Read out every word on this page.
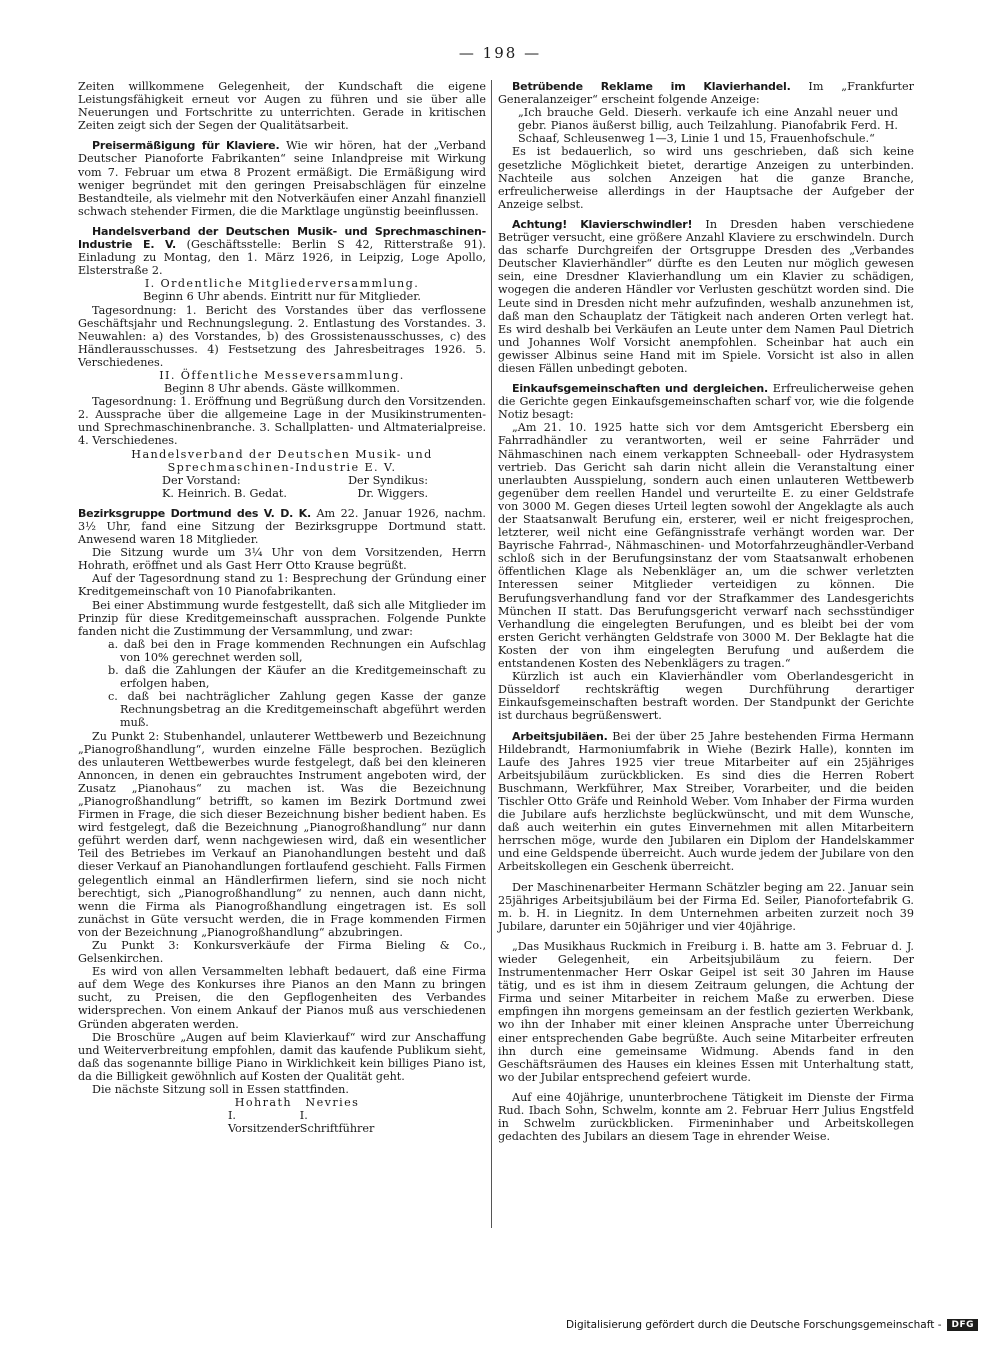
— 198 —

Zeiten willkommene Gelegenheit, der Kundschaft die eigene Leistungsfähigkeit erneut vor Augen zu führen und sie über alle Neuerungen und Fortschritte zu unterrichten. Gerade in kritischen Zeiten zeigt sich der Segen der Qualitätsarbeit.

Preisermäßigung für Klaviere. Wie wir hören, hat der „Verband Deutscher Pianoforte Fabrikanten“ seine Inlandpreise mit Wirkung vom 7. Februar um etwa 8 Prozent ermäßigt. Die Ermäßigung wird weniger begründet mit den geringen Preisabschlägen für einzelne Bestandteile, als vielmehr mit den Notverkäufen einer Anzahl finanziell schwach stehender Firmen, die die Marktlage ungünstig beeinflussen.

Handelsverband der Deutschen Musik- und Sprechmaschinen-Industrie E. V. (Geschäftsstelle: Berlin S 42, Ritterstraße 91). Einladung zu Montag, den 1. März 1926, in Leipzig, Loge Apollo, Elsterstraße 2.

I. Ordentliche Mitgliederversammlung.

Beginn 6 Uhr abends. Eintritt nur für Mitglieder.

Tagesordnung: 1. Bericht des Vorstandes über das verflossene Geschäftsjahr und Rechnungslegung. 2. Entlastung des Vorstandes. 3. Neuwahlen: a) des Vorstandes, b) des Grossistenausschusses, c) des Händlerausschusses. 4) Festsetzung des Jahresbeitrages 1926. 5. Verschiedenes.

II. Öffentliche Messeversammlung.

Beginn 8 Uhr abends. Gäste willkommen.

Tagesordnung: 1. Eröffnung und Begrüßung durch den Vorsitzenden. 2. Aussprache über die allgemeine Lage in der Musikinstrumenten- und Sprechmaschinenbranche. 3. Schallplatten- und Altmaterialpreise. 4. Verschiedenes.

Handelsverband der Deutschen Musik- und

Sprechmaschinen-Industrie E. V.

Der Vorstand:	Der Syndikus:
K. Heinrich. B. Gedat.	Dr. Wiggers.

Bezirksgruppe Dortmund des V. D. K. Am 22. Januar 1926, nachm. 3½ Uhr, fand eine Sitzung der Bezirksgruppe Dortmund statt. Anwesend waren 18 Mitglieder.

Die Sitzung wurde um 3¼ Uhr von dem Vorsitzenden, Herrn Hohrath, eröffnet und als Gast Herr Otto Krause begrüßt.

Auf der Tagesordnung stand zu 1: Besprechung der Gründung einer Kreditgemeinschaft von 10 Pianofabrikanten.

Bei einer Abstimmung wurde festgestellt, daß sich alle Mitglieder im Prinzip für diese Kreditgemeinschaft aussprachen. Folgende Punkte fanden nicht die Zustimmung der Versammlung, und zwar:

a. daß bei den in Frage kommenden Rechnungen ein Aufschlag von 10% gerechnet werden soll,

b. daß die Zahlungen der Käufer an die Kreditgemeinschaft zu erfolgen haben,

c. daß bei nachträglicher Zahlung gegen Kasse der ganze Rechnungsbetrag an die Kreditgemeinschaft abgeführt werden muß.

Zu Punkt 2: Stubenhandel, unlauterer Wettbewerb und Bezeichnung „Pianogroßhandlung“, wurden einzelne Fälle besprochen. Bezüglich des unlauteren Wettbewerbes wurde festgelegt, daß bei den kleineren Annoncen, in denen ein gebrauchtes Instrument angeboten wird, der Zusatz „Pianohaus“ zu machen ist. Was die Bezeichnung „Pianogroßhandlung“ betrifft, so kamen im Bezirk Dortmund zwei Firmen in Frage, die sich dieser Bezeichnung bisher bedient haben. Es wird festgelegt, daß die Bezeichnung „Pianogroßhandlung“ nur dann geführt werden darf, wenn nachgewiesen wird, daß ein wesentlicher Teil des Betriebes im Verkauf an Pianohandlungen besteht und daß dieser Verkauf an Pianohandlungen fortlaufend geschieht. Falls Firmen gelegentlich einmal an Händlerfirmen liefern, sind sie noch nicht berechtigt, sich „Pianogroßhandlung“ zu nennen, auch dann nicht, wenn die Firma als Pianogroßhandlung eingetragen ist. Es soll zunächst in Güte versucht werden, die in Frage kommenden Firmen von der Bezeichnung „Pianogroßhandlung“ abzubringen.

Zu Punkt 3: Konkursverkäufe der Firma Bieling & Co., Gelsenkirchen.

Es wird von allen Versammelten lebhaft bedauert, daß eine Firma auf dem Wege des Konkurses ihre Pianos an den Mann zu bringen sucht, zu Preisen, die den Gepflogenheiten des Verbandes widersprechen. Von einem Ankauf der Pianos muß aus verschiedenen Gründen abgeraten werden.

Die Broschüre „Augen auf beim Klavierkauf“ wird zur Anschaffung und Weiterverbreitung empfohlen, damit das kaufende Publikum sieht, daß das sogenannte billige Piano in Wirklichkeit kein billiges Piano ist, da die Billigkeit gewöhnlich auf Kosten der Qualität geht.

Die nächste Sitzung soll in Essen stattfinden.

Hohrath Nevries
I. Vorsitzender
I. Schriftführer

Betrübende Reklame im Klavierhandel. Im „Frankfurter Generalanzeiger“ erscheint folgende Anzeige:

„Ich brauche Geld. Dieserh. verkaufe ich eine Anzahl neuer und gebr. Pianos äußerst billig, auch Teilzahlung. Pianofabrik Ferd. H. Schaaf, Schleusenweg 1—3, Linie 1 und 15, Frauenhofschule.“

Es ist bedauerlich, so wird uns geschrieben, daß sich keine gesetzliche Möglichkeit bietet, derartige Anzeigen zu unterbinden. Nachteile aus solchen Anzeigen hat die ganze Branche, erfreulicherweise allerdings in der Hauptsache der Aufgeber der Anzeige selbst.

Achtung! Klavierschwindler! In Dresden haben verschiedene Betrüger versucht, eine größere Anzahl Klaviere zu erschwindeln. Durch das scharfe Durchgreifen der Ortsgruppe Dresden des „Verbandes Deutscher Klavierhändler“ dürfte es den Leuten nur möglich gewesen sein, eine Dresdner Klavierhandlung um ein Klavier zu schädigen, wogegen die anderen Händler vor Verlusten geschützt worden sind. Die Leute sind in Dresden nicht mehr aufzufinden, weshalb anzunehmen ist, daß man den Schauplatz der Tätigkeit nach anderen Orten verlegt hat. Es wird deshalb bei Verkäufen an Leute unter dem Namen Paul Dietrich und Johannes Wolf Vorsicht anempfohlen. Scheinbar hat auch ein gewisser Albinus seine Hand mit im Spiele. Vorsicht ist also in allen diesen Fällen unbedingt geboten.

Einkaufsgemeinschaften und dergleichen. Erfreulicherweise gehen die Gerichte gegen Einkaufsgemeinschaften scharf vor, wie die folgende Notiz besagt:

„Am 21. 10. 1925 hatte sich vor dem Amtsgericht Ebersberg ein Fahrradhändler zu verantworten, weil er seine Fahrräder und Nähmaschinen nach einem verkappten Schneeball- oder Hydrasystem vertrieb. Das Gericht sah darin nicht allein die Veranstaltung einer unerlaubten Ausspielung, sondern auch einen unlauteren Wettbewerb gegenüber dem reellen Handel und verurteilte E. zu einer Geldstrafe von 3000 M. Gegen dieses Urteil legten sowohl der Angeklagte als auch der Staatsanwalt Berufung ein, ersterer, weil er nicht freigesprochen, letzterer, weil nicht eine Gefängnisstrafe verhängt worden war. Der Bayrische Fahrrad-, Nähmaschinen- und Motorfahrzeughändler-Verband schloß sich in der Berufungsinstanz der vom Staatsanwalt erhobenen öffentlichen Klage als Nebenkläger an, um die schwer verletzten Interessen seiner Mitglieder verteidigen zu können. Die Berufungsverhandlung fand vor der Strafkammer des Landesgerichts München II statt. Das Berufungsgericht verwarf nach sechsstündiger Verhandlung die eingelegten Berufungen, und es bleibt bei der vom ersten Gericht verhängten Geldstrafe von 3000 M. Der Beklagte hat die Kosten der von ihm eingelegten Berufung und außerdem die entstandenen Kosten des Nebenklägers zu tragen.“

Kürzlich ist auch ein Klavierhändler vom Oberlandesgericht in Düsseldorf rechtskräftig wegen Durchführung derartiger Einkaufsgemeinschaften bestraft worden. Der Standpunkt der Gerichte ist durchaus begrüßenswert.

Arbeitsjubiläen. Bei der über 25 Jahre bestehenden Firma Hermann Hildebrandt, Harmoniumfabrik in Wiehe (Bezirk Halle), konnten im Laufe des Jahres 1925 vier treue Mitarbeiter auf ein 25jähriges Arbeitsjubiläum zurückblicken. Es sind dies die Herren Robert Buschmann, Werkführer, Max Streiber, Vorarbeiter, und die beiden Tischler Otto Gräfe und Reinhold Weber. Vom Inhaber der Firma wurden die Jubilare aufs herzlichste beglückwünscht, und mit dem Wunsche, daß auch weiterhin ein gutes Einvernehmen mit allen Mitarbeitern herrschen möge, wurde den Jubilaren ein Diplom der Handelskammer und eine Geldspende überreicht. Auch wurde jedem der Jubilare von den Arbeitskollegen ein Geschenk überreicht.

Der Maschinenarbeiter Hermann Schätzler beging am 22. Januar sein 25jähriges Arbeitsjubiläum bei der Firma Ed. Seiler, Pianofortefabrik G. m. b. H. in Liegnitz. In dem Unternehmen arbeiten zurzeit noch 39 Jubilare, darunter ein 50jähriger und vier 40jährige.

„Das Musikhaus Ruckmich in Freiburg i. B. hatte am 3. Februar d. J. wieder Gelegenheit, ein Arbeitsjubiläum zu feiern. Der Instrumentenmacher Herr Oskar Geipel ist seit 30 Jahren im Hause tätig, und es ist ihm in diesem Zeitraum gelungen, die Achtung der Firma und seiner Mitarbeiter in reichem Maße zu erwerben. Diese empfingen ihn morgens gemeinsam an der festlich gezierten Werkbank, wo ihn der Inhaber mit einer kleinen Ansprache unter Überreichung einer entsprechenden Gabe begrüßte. Auch seine Mitarbeiter erfreuten ihn durch eine gemeinsame Widmung. Abends fand in den Geschäftsräumen des Hauses ein kleines Essen mit Unterhaltung statt, wo der Jubilar entsprechend gefeiert wurde.

Auf eine 40jährige, ununterbrochene Tätigkeit im Dienste der Firma Rud. Ibach Sohn, Schwelm, konnte am 2. Februar Herr Julius Engstfeld in Schwelm zurückblicken. Firmeninhaber und Arbeitskollegen gedachten des Jubilars an diesem Tage in ehrender Weise.

Digitalisierung gefördert durch die Deutsche Forschungsgemeinschaft -	DFG
